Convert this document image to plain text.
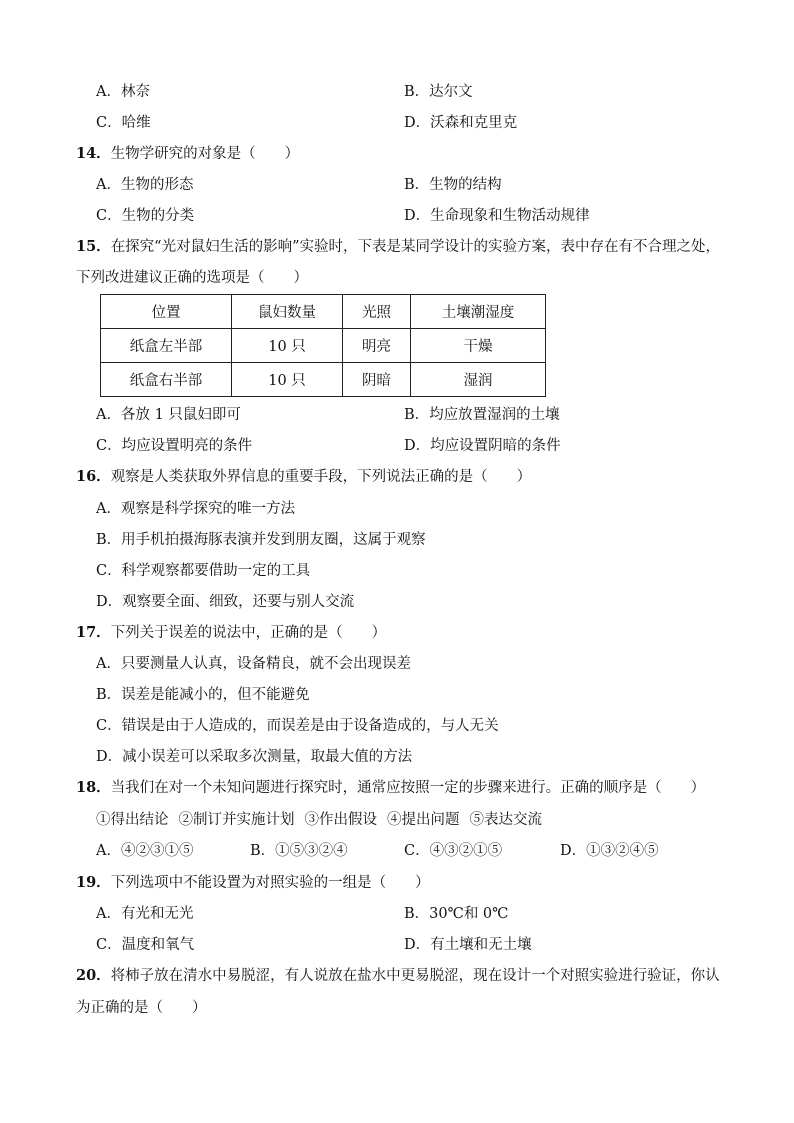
A．林奈	B．达尔文
C．哈维	D．沃森和克里克
14．生物学研究的对象是（　　）
A．生物的形态	B．生物的结构
C．生物的分类	D．生命现象和生物活动规律
15．在探究“光对鼠妇生活的影响”实验时，下表是某同学设计的实验方案，表中存在有不合理之处，
下列改进建议正确的选项是（　　）
位置	鼠妇数量	光照	土壤潮湿度
纸盒左半部	10 只	明亮	干燥
纸盒右半部	10 只	阴暗	湿润
A．各放 1 只鼠妇即可	B．均应放置湿润的土壤
C．均应设置明亮的条件	D．均应设置阴暗的条件
16．观察是人类获取外界信息的重要手段，下列说法正确的是（　　）
A．观察是科学探究的唯一方法
B．用手机拍摄海豚表演并发到朋友圈，这属于观察
C．科学观察都要借助一定的工具
D．观察要全面、细致，还要与别人交流
17．下列关于误差的说法中，正确的是（　　）
A．只要测量人认真，设备精良，就不会出现误差
B．误差是能减小的，但不能避免
C．错误是由于人造成的，而误差是由于设备造成的，与人无关
D．减小误差可以采取多次测量，取最大值的方法
18．当我们在对一个未知问题进行探究时，通常应按照一定的步骤来进行。正确的顺序是（　　）
①得出结论 ②制订并实施计划 ③作出假设 ④提出问题 ⑤表达交流
A．④②③①⑤	B．①⑤③②④	C．④③②①⑤	D．①③②④⑤
19．下列选项中不能设置为对照实验的一组是（　　）
A．有光和无光	B．30℃和 0℃
C．温度和氧气	D．有土壤和无土壤
20．将柿子放在清水中易脱涩，有人说放在盐水中更易脱涩，现在设计一个对照实验进行验证，你认
为正确的是（　　）
